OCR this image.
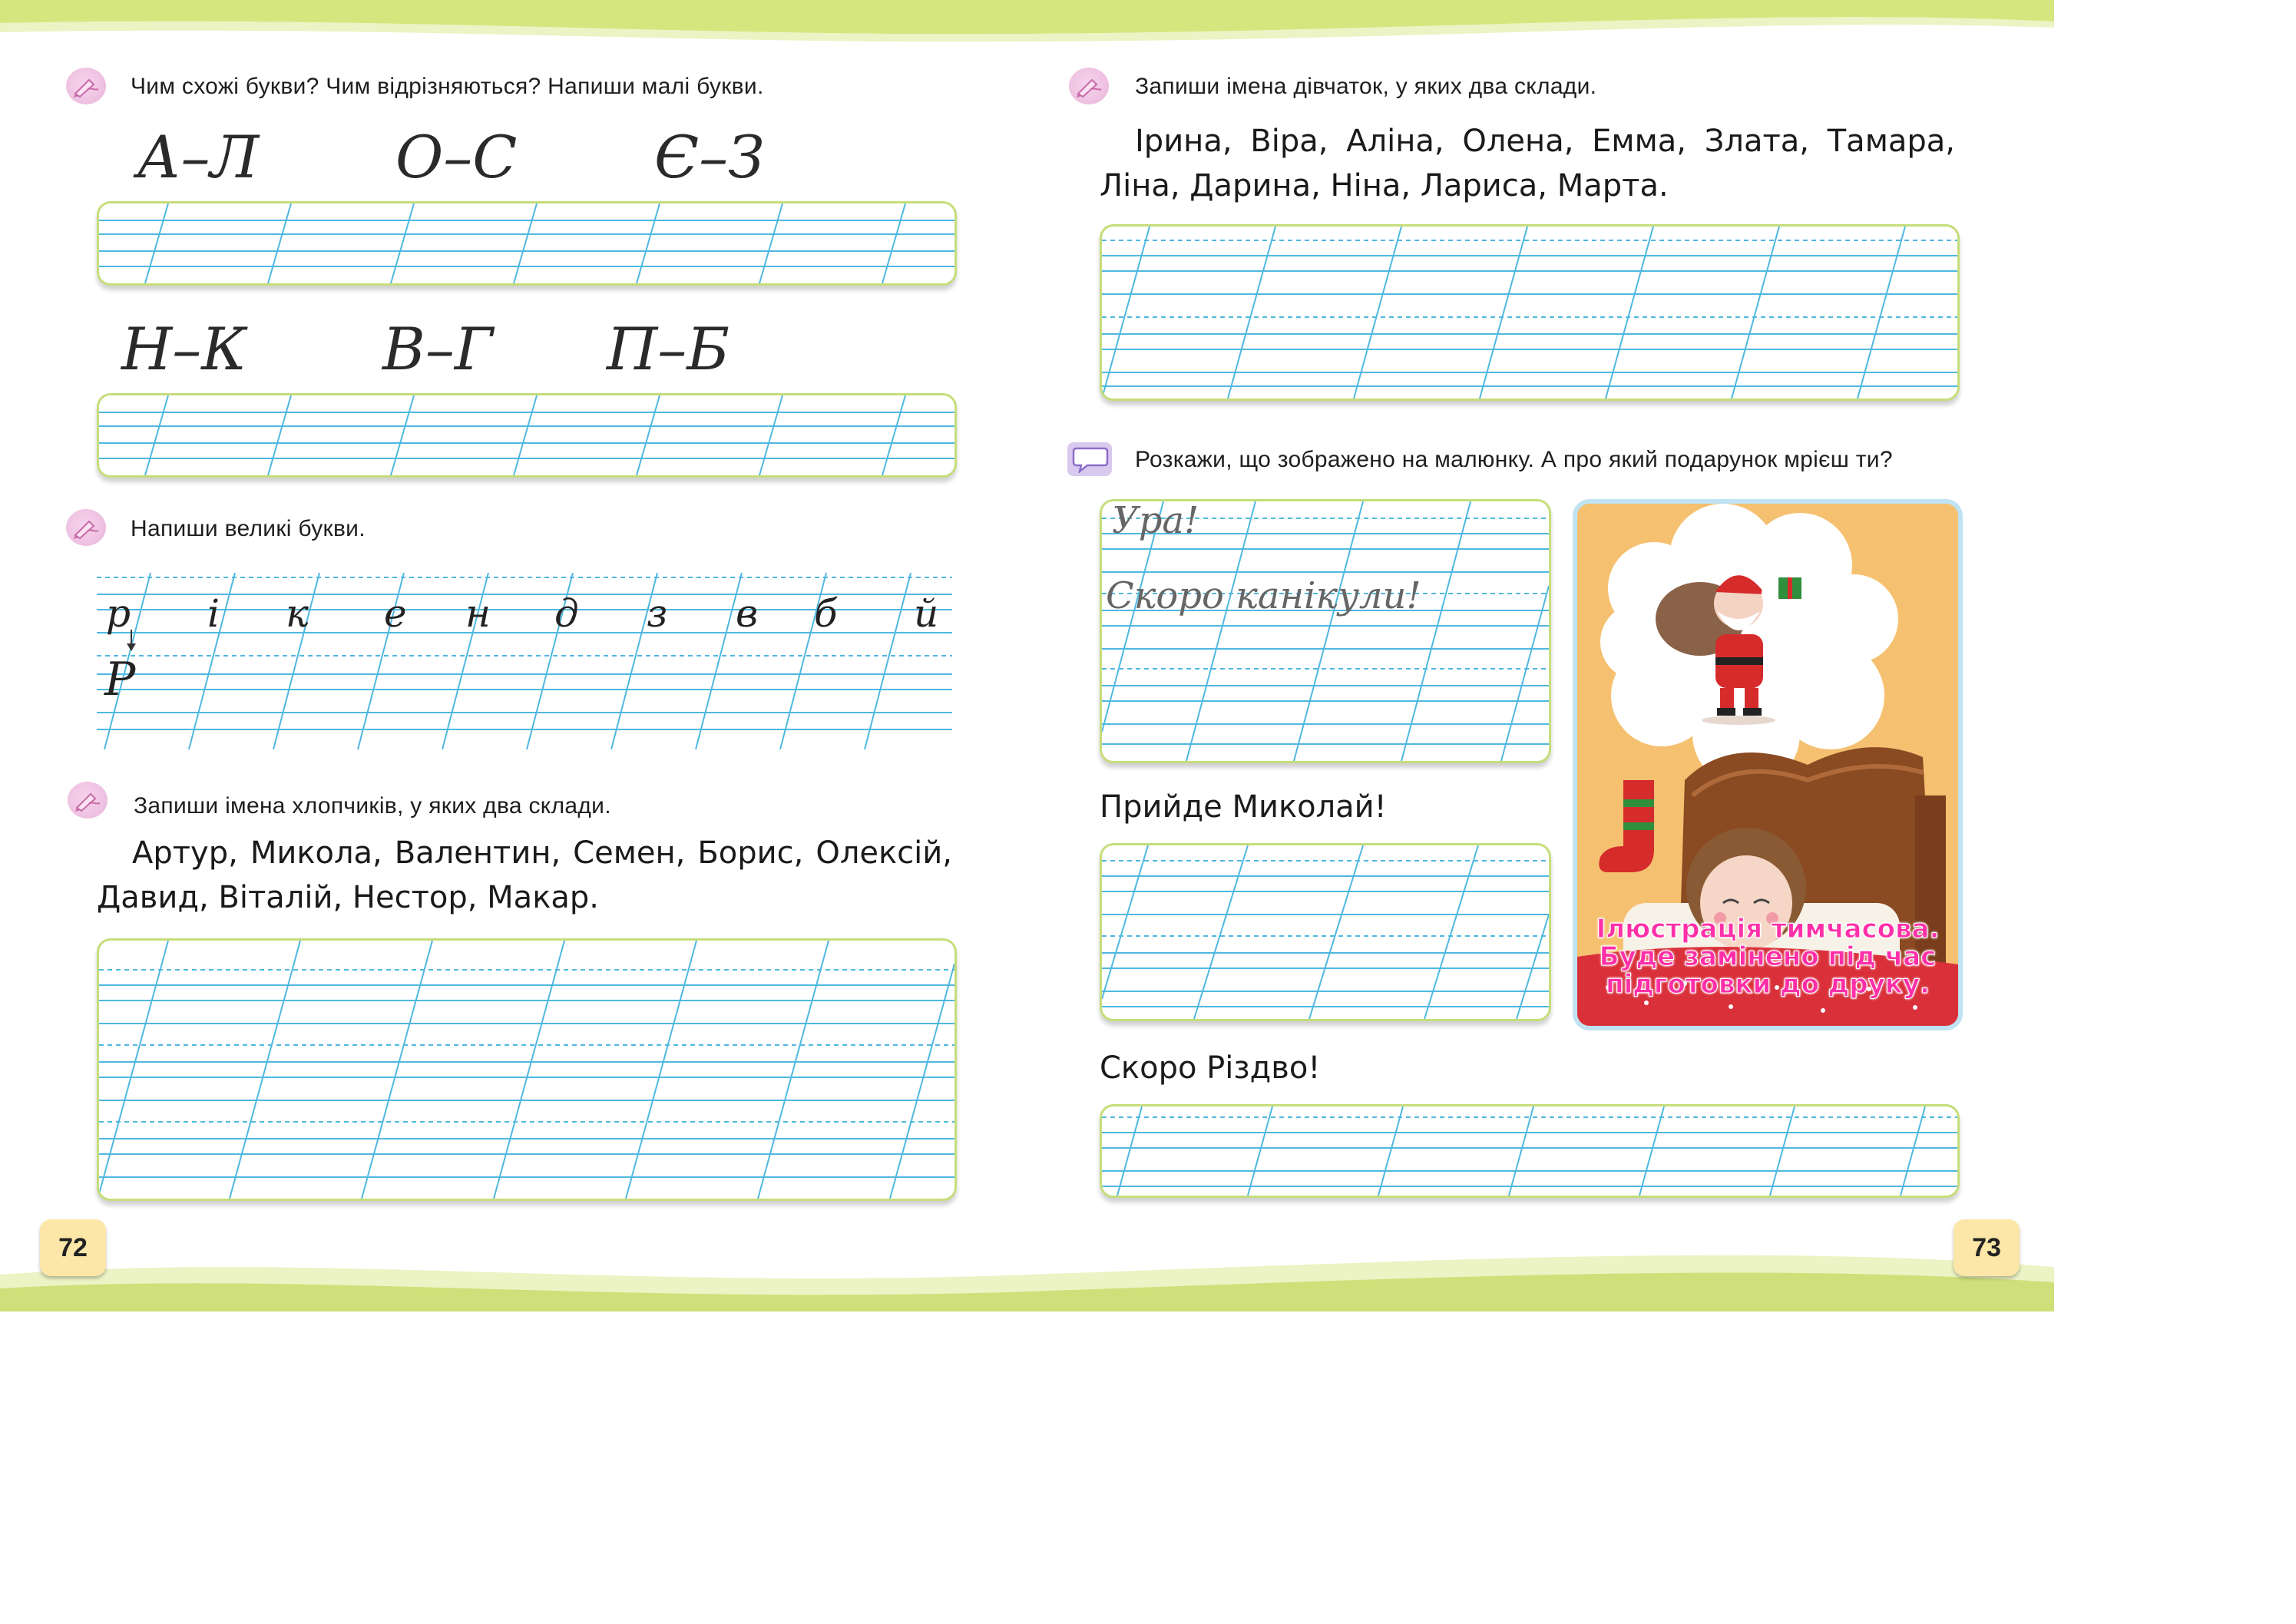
Чим схожі букви? Чим відрізняються? Напиши малі букви.
А–Л О–С Є–З
Н–К В–Г П–Б
Напиши великі букви.
р і к е н д з в б й
Р
Запиши імена хлопчиків, у яких два склади.
Артур, Микола, Валентин, Семен, Борис, Олексій, Давид, Віталій, Нестор, Макар.
72
Запиши імена дівчаток, у яких два склади.
Ірина, Віра, Аліна, Олена, Емма, Злата, Тамара, Ліна, Дарина, Ніна, Лариса, Марта.
Розкажи, що зображено на малюнку. А про який подарунок мрієш ти?
Ура!
Скоро канікули!
Прийде Миколай!
Скоро Різдво!
Ілюстрація тимчасова.
Буде замінено під час
підготовки до друку.
73
